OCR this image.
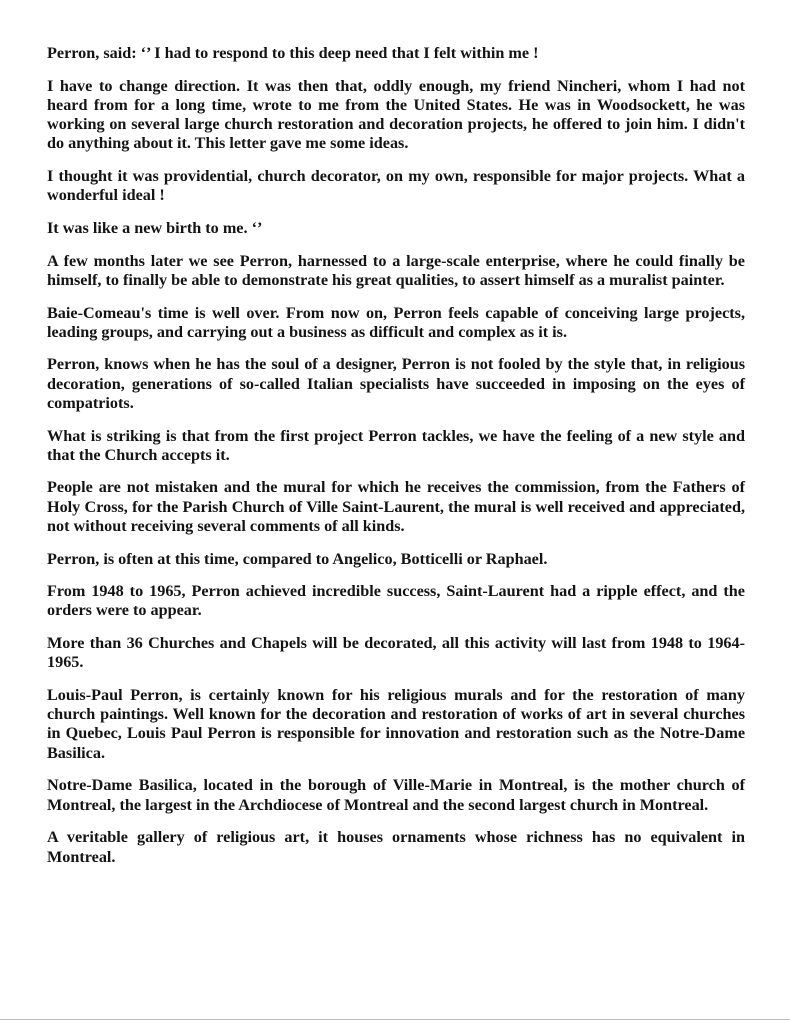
Perron, said: ‘’ I had to respond to this deep need that I felt within me !

I have to change direction. It was then that, oddly enough, my friend Nincheri, whom I had not heard from for a long time, wrote to me from the United States. He was in Woodsockett, he was working on several large church restoration and decoration projects, he offered to join him. I didn't do anything about it. This letter gave me some ideas.

I thought it was providential, church decorator, on my own, responsible for major projects. What a wonderful ideal !

It was like a new birth to me. ‘’

A few months later we see Perron, harnessed to a large-scale enterprise, where he could finally be himself, to finally be able to demonstrate his great qualities, to assert himself as a muralist painter.

Baie-Comeau's time is well over. From now on, Perron feels capable of conceiving large projects, leading groups, and carrying out a business as difficult and complex as it is.

Perron, knows when he has the soul of a designer, Perron is not fooled by the style that, in religious decoration, generations of so-called Italian specialists have succeeded in imposing on the eyes of compatriots.

What is striking is that from the first project Perron tackles, we have the feeling of a new style and that the Church accepts it.

People are not mistaken and the mural for which he receives the commission, from the Fathers of Holy Cross, for the Parish Church of Ville Saint-Laurent, the mural is well received and appreciated, not without receiving several comments of all kinds.

Perron, is often at this time, compared to Angelico, Botticelli or Raphael.

From 1948 to 1965, Perron achieved incredible success, Saint-Laurent had a ripple effect, and the orders were to appear.

More than 36 Churches and Chapels will be decorated, all this activity will last from 1948 to 1964-1965.

Louis-Paul Perron, is certainly known for his religious murals and for the restoration of many church paintings. Well known for the decoration and restoration of works of art in several churches in Quebec, Louis Paul Perron is responsible for innovation and restoration such as the Notre-Dame Basilica.

Notre-Dame Basilica, located in the borough of Ville-Marie in Montreal, is the mother church of Montreal, the largest in the Archdiocese of Montreal and the second largest church in Montreal.

A veritable gallery of religious art, it houses ornaments whose richness has no equivalent in Montreal.
